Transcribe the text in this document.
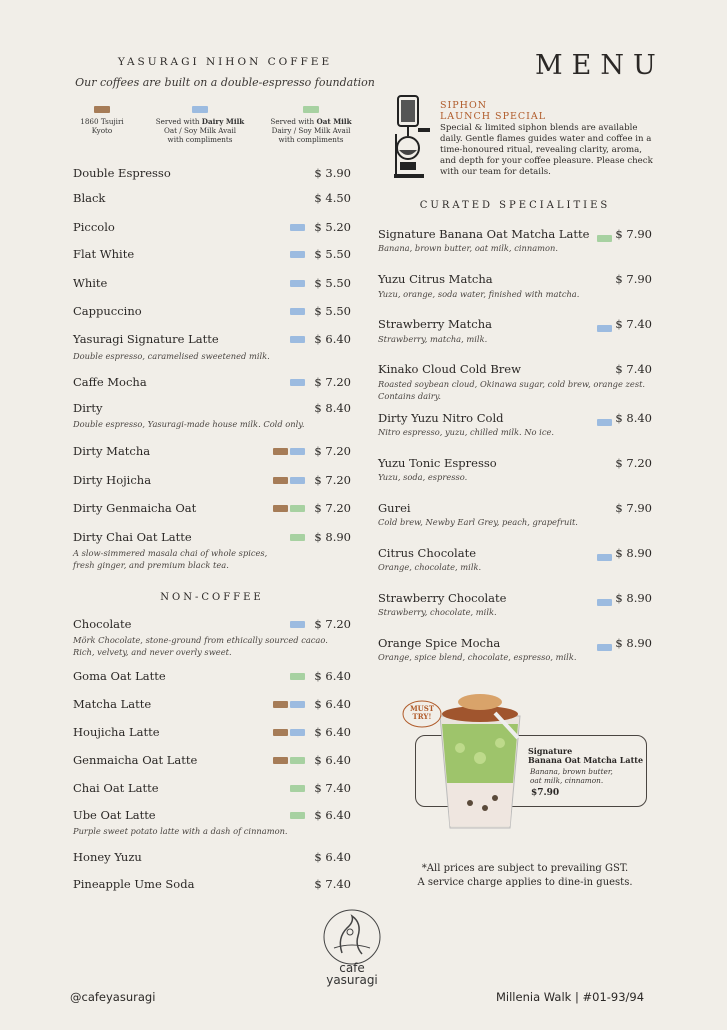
YASURAGI NIHON COFFEE
Our coffees are built on a double-espresso foundation
MENU
1860 Tsujiri
Kyoto
Served with Dairy Milk
Oat / Soy Milk Avail
with compliments
Served with Oat Milk
Dairy / Soy Milk Avail
with compliments
Double Espresso	$ 3.90
Black	$ 4.50
Piccolo	$ 5.20
Flat White	$ 5.50
White	$ 5.50
Cappuccino	$ 5.50
Yasuragi Signature Latte	$ 6.40
Double espresso, caramelised sweetened milk.
Caffe Mocha	$ 7.20
Dirty	$ 8.40
Double espresso, Yasuragi-made house milk. Cold only.
Dirty Matcha	$ 7.20
Dirty Hojicha	$ 7.20
Dirty Genmaicha Oat	$ 7.20
Dirty Chai Oat Latte	$ 8.90
A slow-simmered masala chai of whole spices,
fresh ginger, and premium black tea.
NON-COFFEE
Chocolate	$ 7.20
Mörk Chocolate, stone-ground from ethically sourced cacao.
Rich, velvety, and never overly sweet.
Goma Oat Latte	$ 6.40
Matcha Latte	$ 6.40
Houjicha Latte	$ 6.40
Genmaicha Oat Latte	$ 6.40
Chai Oat Latte	$ 7.40
Ube Oat Latte	$ 6.40
Purple sweet potato latte with a dash of cinnamon.
Honey Yuzu	$ 6.40
Pineapple Ume Soda	$ 7.40
SIPHON
LAUNCH SPECIAL
Special & limited siphon blends are available daily. Gentle flames guides water and coffee in a time-honoured ritual, revealing clarity, aroma, and depth for your coffee pleasure. Please check with our team for details.
CURATED SPECIALITIES
Signature Banana Oat Matcha Latte $ 7.90
Banana, brown butter, oat milk, cinnamon.
Yuzu Citrus Matcha	$ 7.90
Yuzu, orange, soda water, finished with matcha.
Strawberry Matcha	$ 7.40
Strawberry, matcha, milk.
Kinako Cloud Cold Brew	$ 7.40
Roasted soybean cloud, Okinawa sugar, cold brew, orange zest.
Contains dairy.
Dirty Yuzu Nitro Cold	$ 8.40
Nitro espresso, yuzu, chilled milk. No ice.
Yuzu Tonic Espresso	$ 7.20
Yuzu, soda, espresso.
Gurei	$ 7.90
Cold brew, Newby Earl Grey, peach, grapefruit.
Citrus Chocolate	$ 8.90
Orange, chocolate, milk.
Strawberry Chocolate	$ 8.90
Strawberry, chocolate, milk.
Orange Spice Mocha	$ 8.90
Orange, spice blend, chocolate, espresso, milk.
MUST
TRY!
Signature
Banana Oat Matcha Latte
Banana, brown butter,
oat milk, cinnamon.
$7.90
*All prices are subject to prevailing GST.
A service charge applies to dine-in guests.
cafe
yasuragi
@cafeyasuragi	Millenia Walk | #01-93/94
